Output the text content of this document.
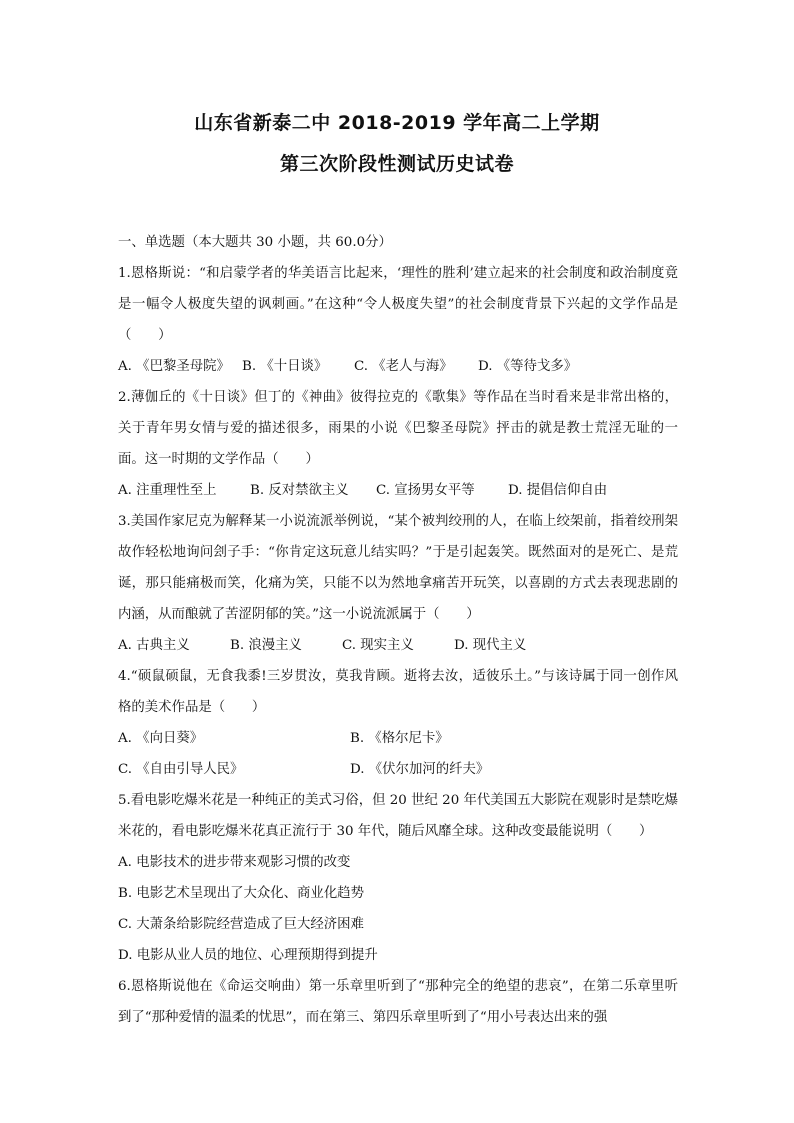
山东省新泰二中 2018-2019 学年高二上学期
第三次阶段性测试历史试卷

一、单选题（本大题共 30 小题，共 60.0分）

1.恩格斯说：“和启蒙学者的华美语言比起来，‘理性的胜利’建立起来的社会制度和政治制度竟是一幅令人极度失望的讽刺画。”在这种“令人极度失望”的社会制度背景下兴起的文学作品是（　　）

A. 《巴黎圣母院》 B. 《十日谈》	C. 《老人与海》	D. 《等待戈多》

2.薄伽丘的《十日谈》但丁的《神曲》彼得拉克的《歌集》等作品在当时看来是非常出格的，关于青年男女情与爱的描述很多，雨果的小说《巴黎圣母院》抨击的就是教士荒淫无耻的一面。这一时期的文学作品（　　）

A. 注重理性至上	B. 反对禁欲主义	C. 宣扬男女平等	D. 提倡信仰自由

3.美国作家尼克为解释某一小说流派举例说，“某个被判绞刑的人，在临上绞架前，指着绞刑架故作轻松地询问刽子手：“你肯定这玩意儿结实吗？”于是引起轰笑。既然面对的是死亡、是荒诞，那只能痛极而笑，化痛为笑，只能不以为然地拿痛苦开玩笑，以喜剧的方式去表现悲剧的内涵，从而酿就了苦涩阴郁的笑。”这一小说流派属于（　　）

A. 古典主义	B. 浪漫主义	C. 现实主义	D. 现代主义

4.“硕鼠硕鼠，无食我黍!三岁贯汝，莫我肯顾。逝将去汝，适彼乐土。”与该诗属于同一创作风格的美术作品是（　　）

A. 《向日葵》	B. 《格尔尼卡》
C. 《自由引导人民》	D. 《伏尔加河的纤夫》

5.看电影吃爆米花是一种纯正的美式习俗，但 20 世纪 20 年代美国五大影院在观影时是禁吃爆米花的，看电影吃爆米花真正流行于 30 年代，随后风靡全球。这种改变最能说明（　　）

A. 电影技术的进步带来观影习惯的改变

B. 电影艺术呈现出了大众化、商业化趋势

C. 大萧条给影院经营造成了巨大经济困难

D. 电影从业人员的地位、心理预期得到提升

6.恩格斯说他在《命运交响曲）第一乐章里听到了“那种完全的绝望的悲哀”，在第二乐章里听到了“那种爱情的温柔的忧思”，而在第三、第四乐章里听到了“用小号表达出来的强
